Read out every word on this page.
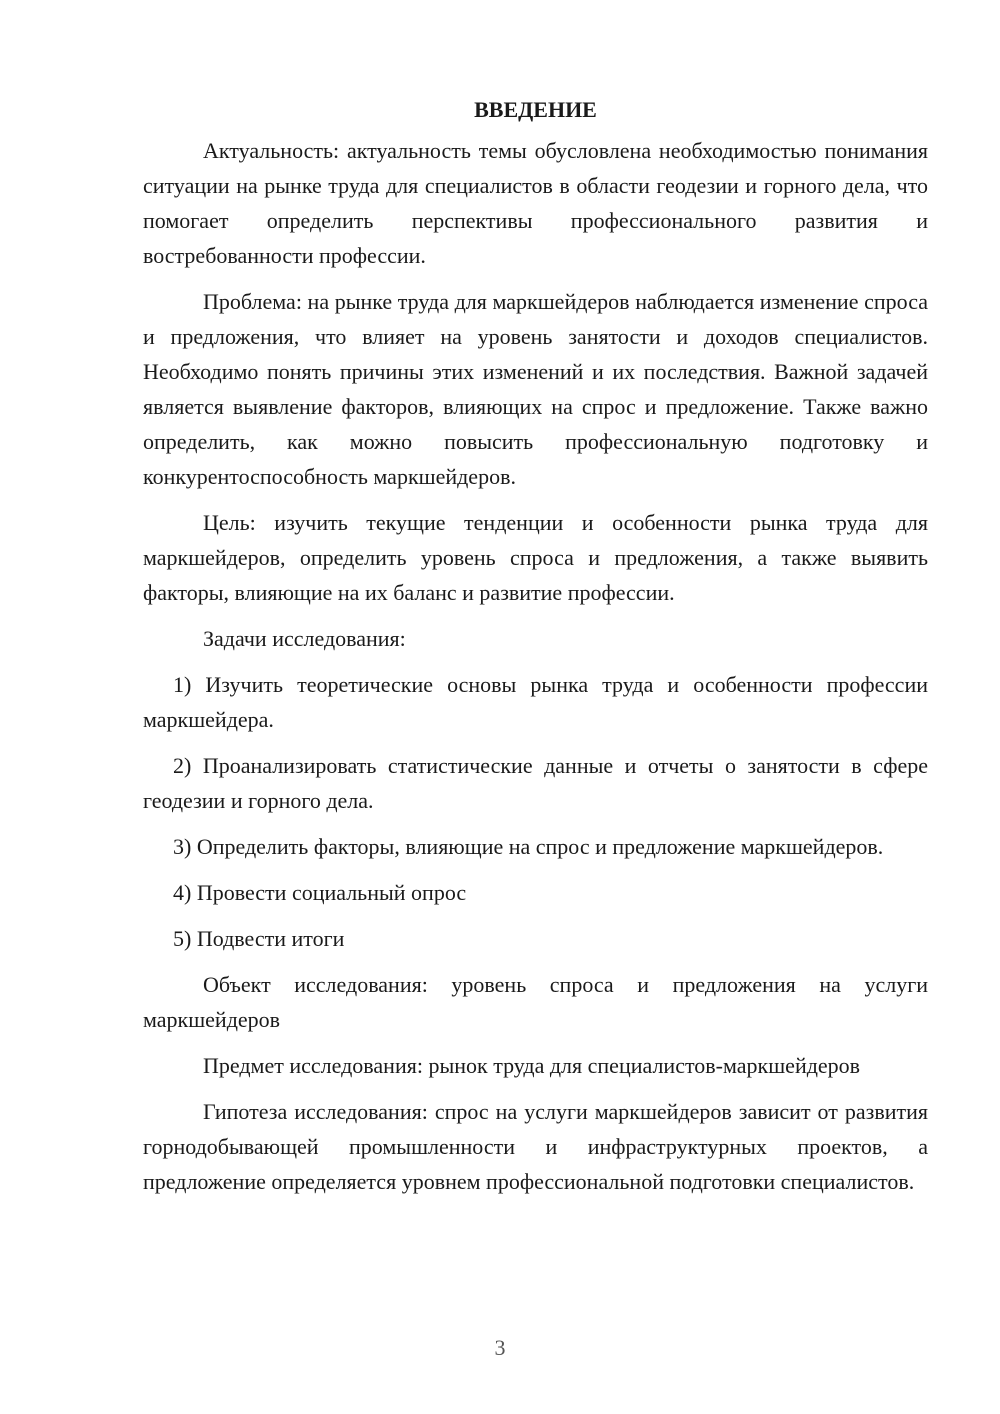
ВВЕДЕНИЕ

Актуальность: актуальность темы обусловлена необходимостью понимания ситуации на рынке труда для специалистов в области геодезии и горного дела, что помогает определить перспективы профессионального развития и востребованности профессии.

Проблема: на рынке труда для маркшейдеров наблюдается изменение спроса и предложения, что влияет на уровень занятости и доходов специалистов. Необходимо понять причины этих изменений и их последствия. Важной задачей является выявление факторов, влияющих на спрос и предложение. Также важно определить, как можно повысить профессиональную подготовку и конкурентоспособность маркшейдеров.

Цель: изучить текущие тенденции и особенности рынка труда для маркшейдеров, определить уровень спроса и предложения, а также выявить факторы, влияющие на их баланс и развитие профессии.

Задачи исследования:

1) Изучить теоретические основы рынка труда и особенности профессии маркшейдера.

2) Проанализировать статистические данные и отчеты о занятости в сфере геодезии и горного дела.

3) Определить факторы, влияющие на спрос и предложение маркшейдеров.

4) Провести социальный опрос

5) Подвести итоги

Объект исследования: уровень спроса и предложения на услуги маркшейдеров

Предмет исследования: рынок труда для специалистов-маркшейдеров

Гипотеза исследования: спрос на услуги маркшейдеров зависит от развития горнодобывающей промышленности и инфраструктурных проектов, а предложение определяется уровнем профессиональной подготовки специалистов.

3
